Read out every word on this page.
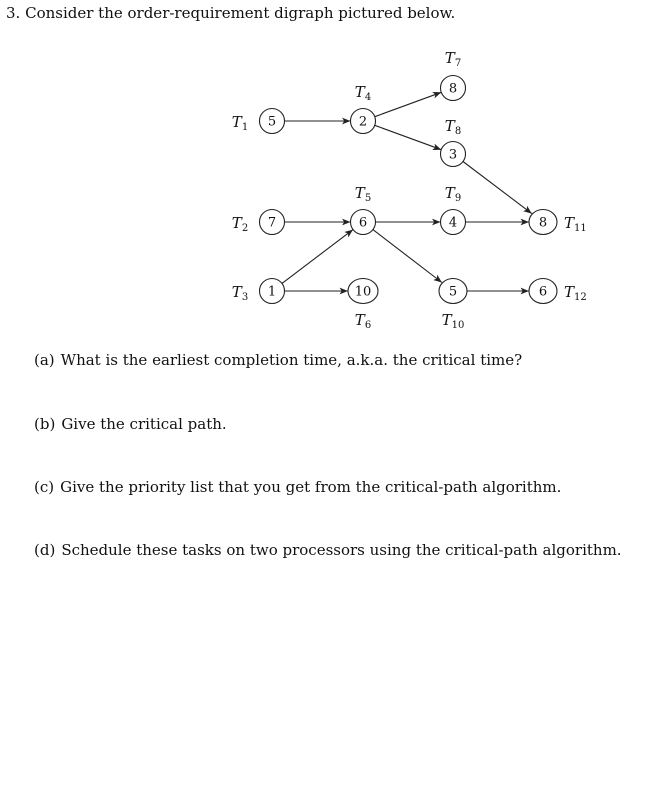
3. Consider the order-requirement digraph pictured below.
5
7
1
2
6
10
8
3
4
5
8
6
$T_1$
$T_2$
$T_3$
$T_4$
$T_5$
$T_6$
$T_7$
$T_8$
$T_9$
$T_{10}$
$T_{11}$
$T_{12}$
(a) What is the earliest completion time, a.k.a. the critical time?
(b) Give the critical path.
(c) Give the priority list that you get from the critical-path algorithm.
(d) Schedule these tasks on two processors using the critical-path algorithm.
